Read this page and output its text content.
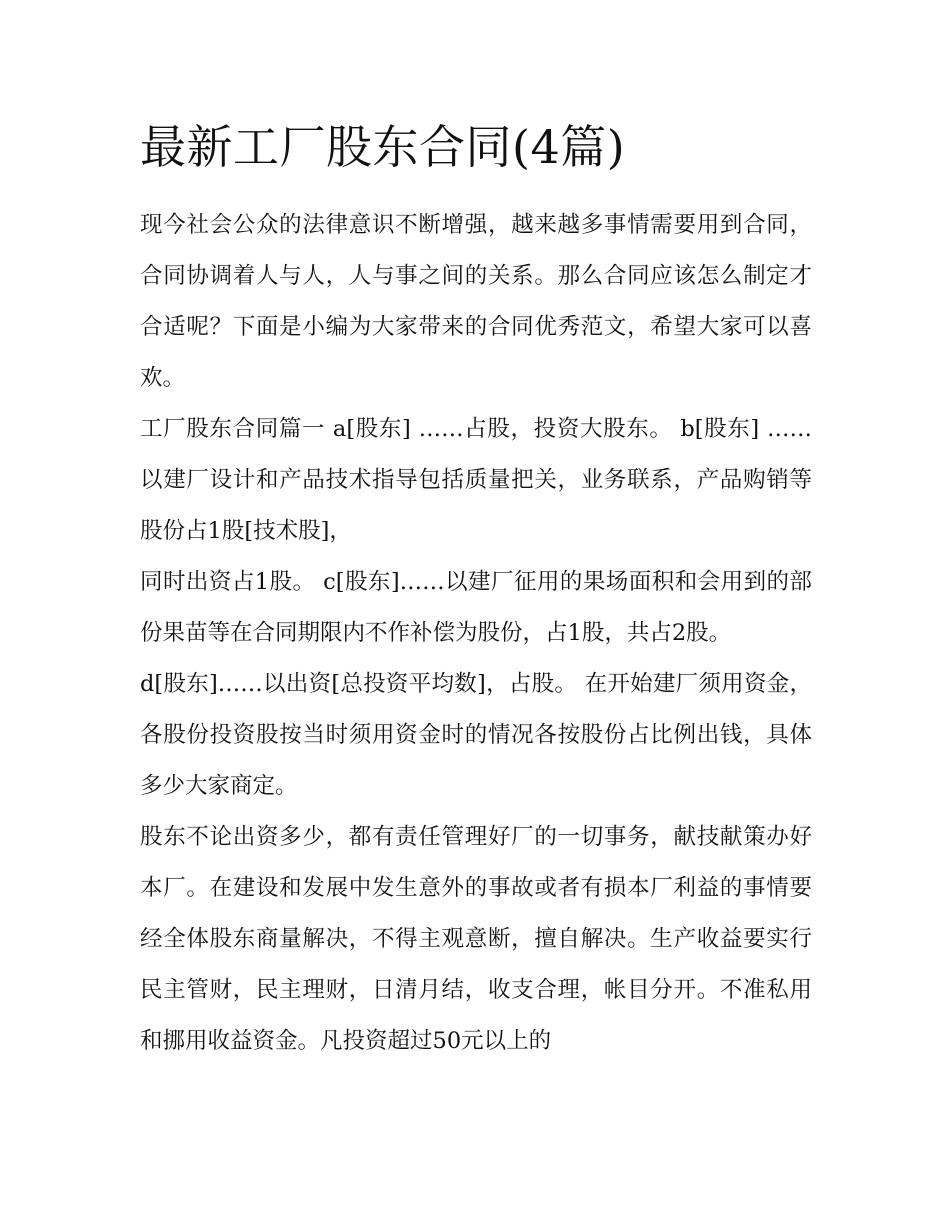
最新工厂股东合同(4篇)

现今社会公众的法律意识不断增强，越来越多事情需要用到合同，合同协调着人与人，人与事之间的关系。那么合同应该怎么制定才合适呢？下面是小编为大家带来的合同优秀范文，希望大家可以喜欢。

工厂股东合同篇一 a[股东] ……占股，投资大股东。 b[股东] ……以建厂设计和产品技术指导包括质量把关，业务联系，产品购销等股份占1股[技术股]，

同时出资占1股。 c[股东]……以建厂征用的果场面积和会用到的部份果苗等在合同期限内不作补偿为股份，占1股，共占2股。

d[股东]……以出资[总投资平均数]，占股。 在开始建厂须用资金，各股份投资股按当时须用资金时的情况各按股份占比例出钱，具体多少大家商定。

股东不论出资多少，都有责任管理好厂的一切事务，献技献策办好本厂。在建设和发展中发生意外的事故或者有损本厂利益的事情要经全体股东商量解决，不得主观意断，擅自解决。生产收益要实行民主管财，民主理财，日清月结，收支合理，帐目分开。不准私用和挪用收益资金。凡投资超过50元以上的
